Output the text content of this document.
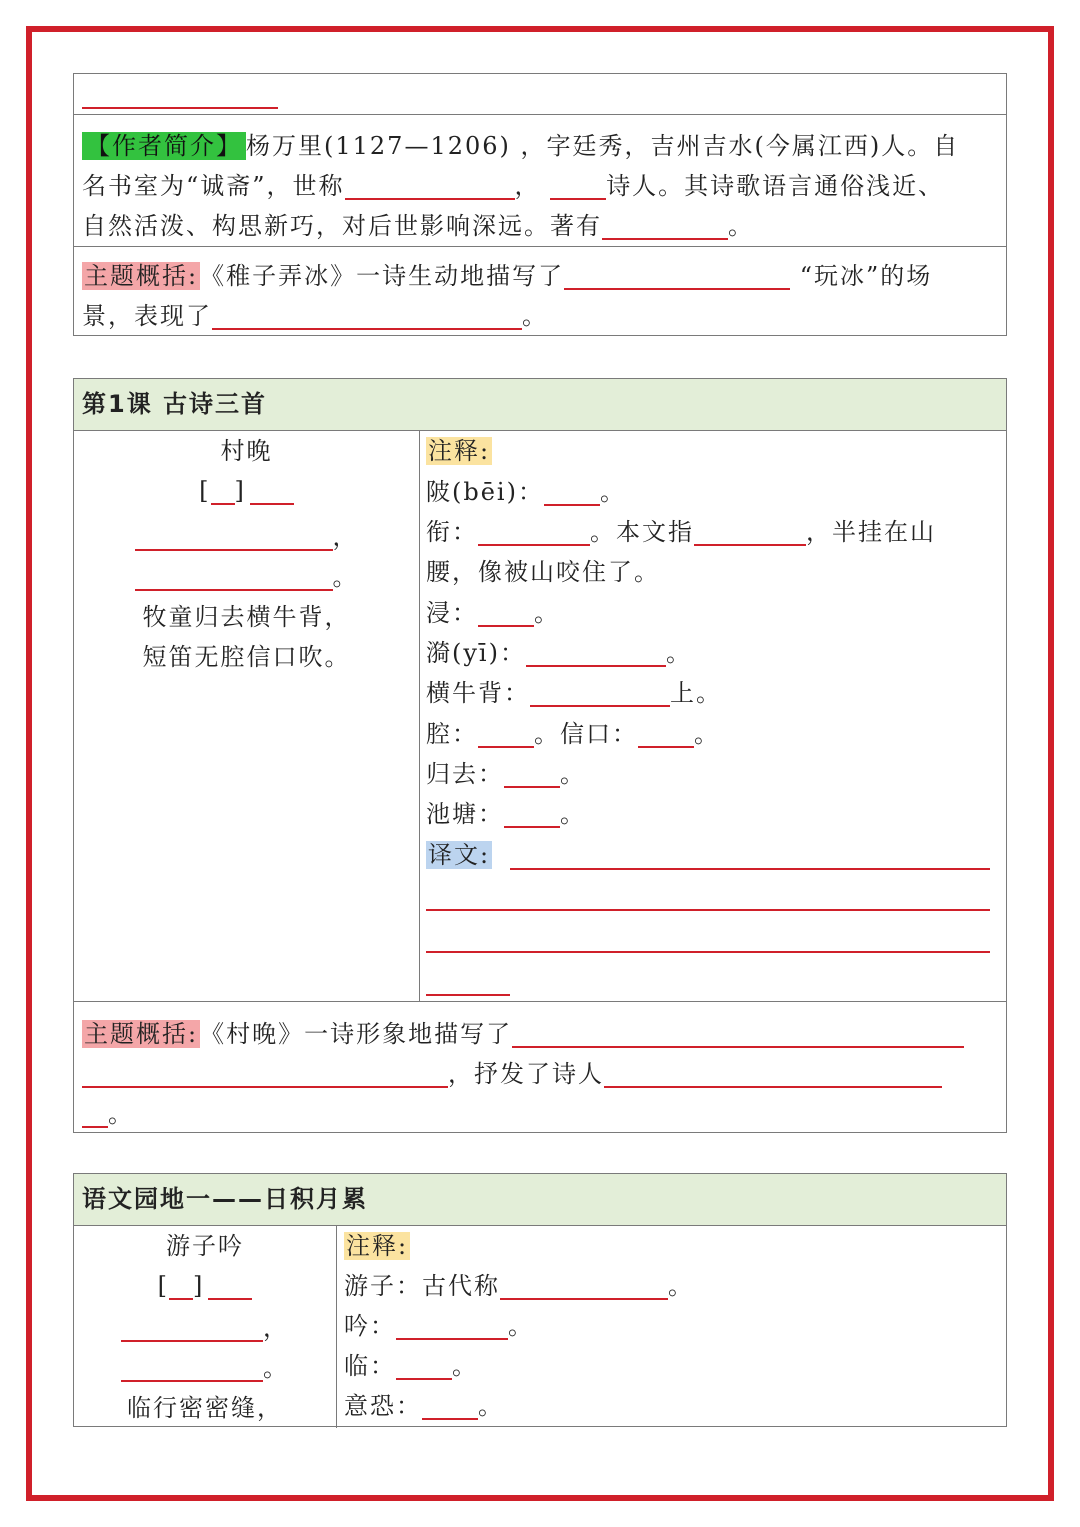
【作者简介】 杨万里(1127—1206) ，字廷秀，吉州吉水(今属江西)人。自
名书室为“诚斋”，世称	，	诗人。其诗歌语言通俗浅近、
自然活泼、构思新巧，对后世影响深远。著有	。
主题概括:《稚子弄冰》一诗生动地描写了	“玩冰”的场
景，表现了	。
第1课 古诗三首
村晚
[ ]
，
。
牧童归去横牛背，
短笛无腔信口吹。
注释:
陂(bēi)： 。
衔：	。本文指	，半挂在山
腰，像被山咬住了。
浸： 。
漪(yī)：	。
横牛背：	上。
腔： 。信口： 。
归去： 。
池塘： 。
译文:
主题概括:《村晚》一诗形象地描写了
，抒发了诗人
。
语文园地一——日积月累
游子吟
[ ]
，
。
临行密密缝，
注释:
游子：古代称	。
吟：	。
临： 。
意恐： 。
